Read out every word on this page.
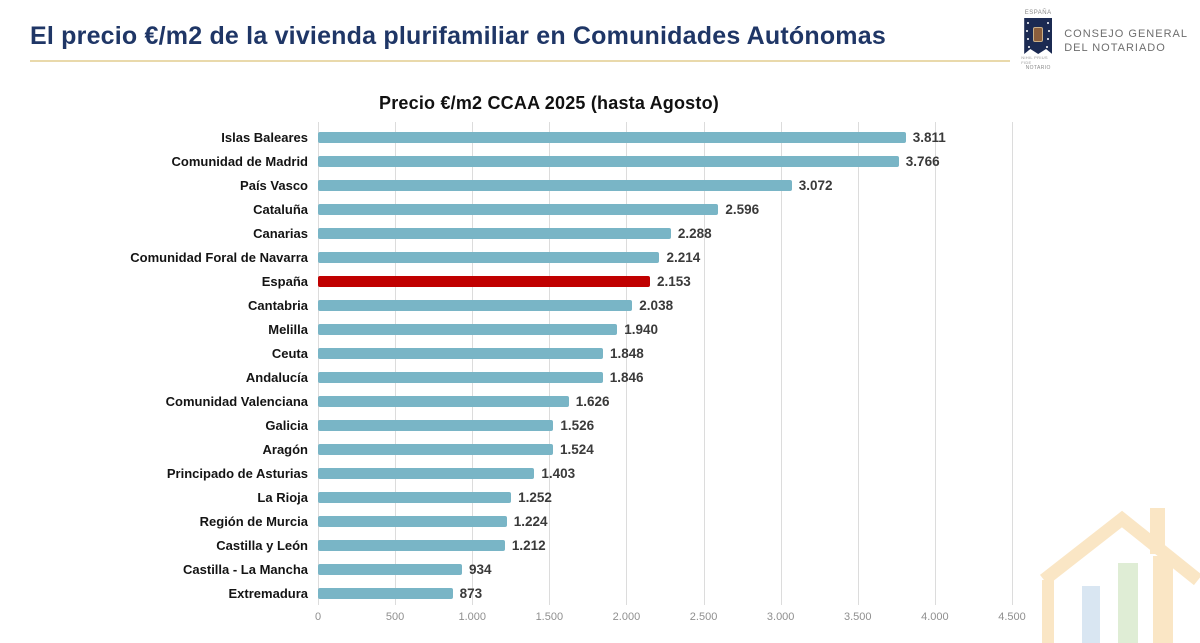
El precio €/m2 de la vivienda plurifamiliar en Comunidades Autónomas
ESPAÑA
NIHIL PRIUS FIDE
NOTARIO
CONSEJO GENERAL
DEL NOTARIADO
Precio €/m2 CCAA 2025 (hasta Agosto)
Islas Baleares	3.811
Comunidad de Madrid	3.766
País Vasco	3.072
Cataluña	2.596
Canarias	2.288
Comunidad Foral de Navarra	2.214
España	2.153
Cantabria	2.038
Melilla	1.940
Ceuta	1.848
Andalucía	1.846
Comunidad Valenciana	1.626
Galicia	1.526
Aragón	1.524
Principado de Asturias	1.403
La Rioja	1.252
Región de Murcia	1.224
Castilla y León	1.212
Castilla - La Mancha	934
Extremadura	873
0	500	1.000	1.500	2.000	2.500	3.000	3.500	4.000	4.500
